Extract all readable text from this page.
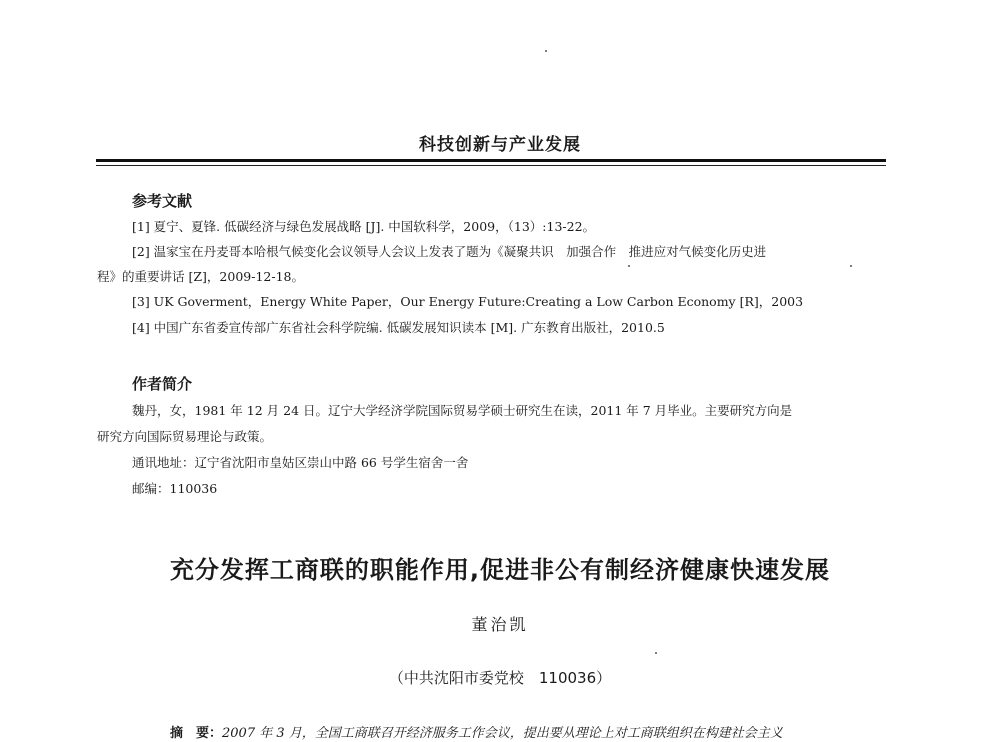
科技创新与产业发展
参考文献
[1] 夏宁、夏锋. 低碳经济与绿色发展战略 [J]. 中国软科学，2009，（13）:13-22。
[2] 温家宝在丹麦哥本哈根气候变化会议领导人会议上发表了题为《凝聚共识　加强合作　推进应对气候变化历史进
程》的重要讲话 [Z]，2009-12-18。
[3] UK Goverment，Energy White Paper，Our Energy Future:Creating a Low Carbon Economy [R]，2003
[4] 中国广东省委宣传部广东省社会科学院编. 低碳发展知识读本 [M]. 广东教育出版社，2010.5
作者简介
魏丹，女，1981 年 12 月 24 日。辽宁大学经济学院国际贸易学硕士研究生在读，2011 年 7 月毕业。主要研究方向是
研究方向国际贸易理论与政策。
通讯地址：辽宁省沈阳市皇姑区崇山中路 66 号学生宿舍一舍
邮编：110036
充分发挥工商联的职能作用,促进非公有制经济健康快速发展
董治凯
（中共沈阳市委党校　110036）
摘　要：2007 年 3 月，全国工商联召开经济服务工作会议，提出要从理论上对工商联组织在构建社会主义
